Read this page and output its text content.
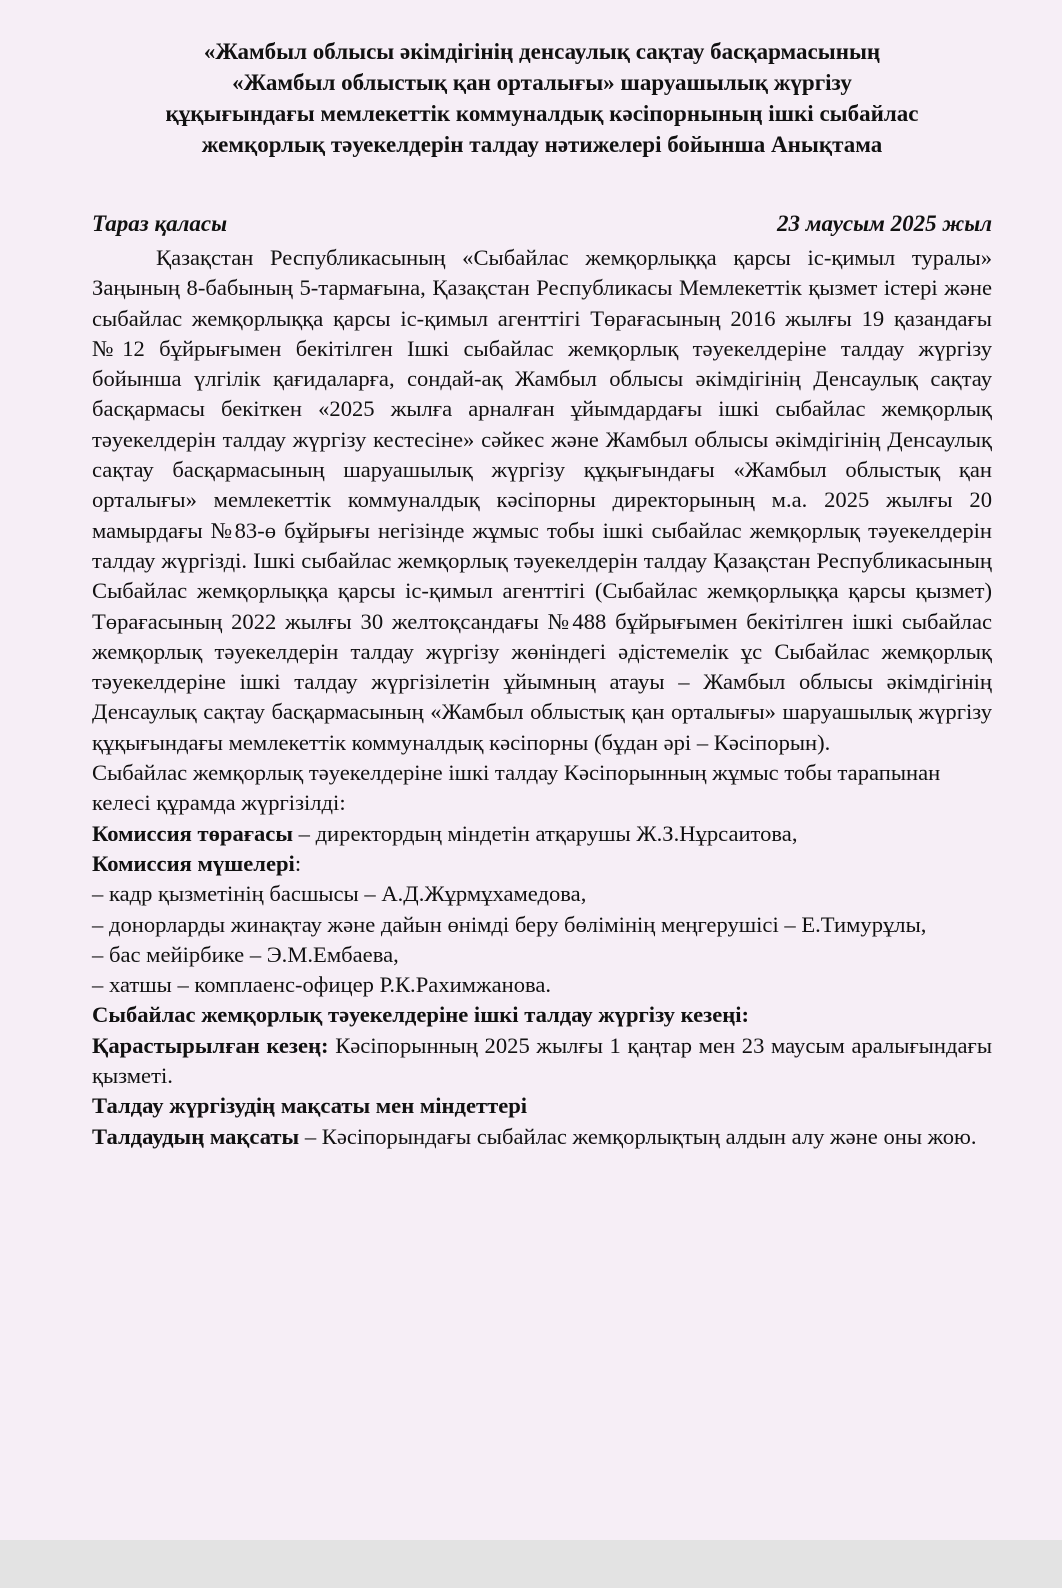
«Жамбыл облысы әкімдігінің денсаулық сақтау басқармасының
«Жамбыл облыстық қан орталығы» шаруашылық жүргізу
құқығындағы мемлекеттік коммуналдық кәсіпорнының ішкі сыбайлас
жемқорлық тәуекелдерін талдау нәтижелері бойынша Анықтама
Тараз қаласы	23 маусым 2025 жыл

Қазақстан Республикасының «Сыбайлас жемқорлыққа қарсы іс-қимыл туралы» Заңының 8-бабының 5-тармағына, Қазақстан Республикасы Мемлекеттік қызмет істері және сыбайлас жемқорлыққа қарсы іс-қимыл агенттігі Төрағасының 2016 жылғы 19 қазандағы №12 бұйрығымен бекітілген Ішкі сыбайлас жемқорлық тәуекелдеріне талдау жүргізу бойынша үлгілік қағидаларға, сондай-ақ Жамбыл облысы әкімдігінің Денсаулық сақтау басқармасы бекіткен «2025 жылға арналған ұйымдардағы ішкі сыбайлас жемқорлық тәуекелдерін талдау жүргізу кестесіне» сәйкес және Жамбыл облысы әкімдігінің Денсаулық сақтау басқармасының шаруашылық жүргізу құқығындағы «Жамбыл облыстық қан орталығы» мемлекеттік коммуналдық кәсіпорны директорының м.а. 2025 жылғы 20 мамырдағы №83-ө бұйрығы негізінде жұмыс тобы ішкі сыбайлас жемқорлық тәуекелдерін талдау жүргізді. Ішкі сыбайлас жемқорлық тәуекелдерін талдау Қазақстан Республикасының Сыбайлас жемқорлыққа қарсы іс-қимыл агенттігі (Сыбайлас жемқорлыққа қарсы қызмет) Төрағасының 2022 жылғы 30 желтоқсандағы №488 бұйрығымен бекітілген ішкі сыбайлас жемқорлық тәуекелдерін талдау жүргізу жөніндегі әдістемелік ұс Сыбайлас жемқорлық тәуекелдеріне ішкі талдау жүргізілетін ұйымның атауы – Жамбыл облысы әкімдігінің Денсаулық сақтау басқармасының «Жамбыл облыстық қан орталығы» шаруашылық жүргізу құқығындағы мемлекеттік коммуналдық кәсіпорны (бұдан әрі – Кәсіпорын).

Сыбайлас жемқорлық тәуекелдеріне ішкі талдау Кәсіпорынның жұмыс тобы тарапынан келесі құрамда жүргізілді:

Комиссия төрағасы – директордың міндетін атқарушы Ж.З.Нұрсаитова,

Комиссия мүшелері:

– кадр қызметінің басшысы – А.Д.Жұрмұхамедова,
– донорларды жинақтау және дайын өнімді беру бөлімінің меңгерушісі – Е.Тимурұлы,
– бас мейірбике – Э.М.Ембаева,
– хатшы – комплаенс-офицер Р.К.Рахимжанова.

Сыбайлас жемқорлық тәуекелдеріне ішкі талдау жүргізу кезеңі:

Қарастырылған кезең: Кәсіпорынның 2025 жылғы 1 қаңтар мен 23 маусым аралығындағы қызметі.

Талдау жүргізудің мақсаты мен міндеттері

Талдаудың мақсаты – Кәсіпорындағы сыбайлас жемқорлықтың алдын алу және оны жою.
